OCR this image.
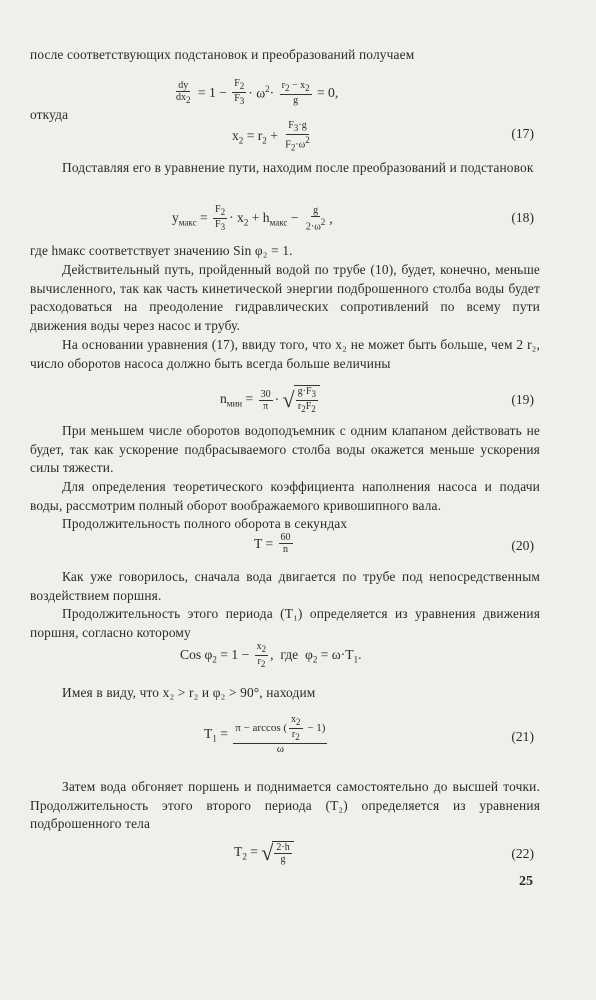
после соответствующих подстановок и преобразований получаем
$\frac{dy}{dx_2} = 1 - \frac{F_2}{F_3} \cdot \omega^2\cdot \frac{r_2 - x_2}{g} = 0$,
откуда
$x_2 = r_2 + \frac{F_3\cdot g}{F_2\cdot\omega^2}$	(17)
Подставляя его в уравнение пути, находим после преобразований и подстановок
$y_{макс} = \frac{F_2}{F_3} \cdot x_2 + h_{макс} - \frac{g}{2\cdot\omega^2}$ ,	(18)
где hмакс соответствует значению Sin φ₂ = 1.
Действительный путь, пройденный водой по трубе (10), будет, конечно, меньше вычисленного, так как часть кинетической энергии подброшенного столба воды будет расходоваться на преодоление гидравлических сопротивлений по всему пути движения воды через насос и трубу.
На основании уравнения (17), ввиду того, что x₂ не может быть больше, чем 2 r₂, число оборотов насоса должно быть всегда больше величины
$n_{мин} = \frac{30}{\pi}$ · √ $\frac{g\cdot F_3}{r_2F_2}$	(19)
При меньшем числе оборотов водоподъемник с одним клапаном действовать не будет, так как ускорение подбрасываемого столба воды окажется меньше ускорения силы тяжести.
Для определения теоретического коэффициента наполнения насоса и подачи воды, рассмотрим полный оборот воображаемого кривошипного вала.
Продолжительность полного оборота в секундах
$T = \frac{60}{n}$	(20)
Как уже говорилось, сначала вода двигается по трубе под непосредственным воздействием поршня.
Продолжительность этого периода (T₁) определяется из уравнения движения поршня, согласно которому
Cos $\varphi_2 = 1 - \frac{x_2}{r_2}$ ,  где  $\varphi_2 = \omega\cdot T_1$.
Имея в виду, что x₂ > r₂ и φ₂ > 90°, находим
$T_1 = \frac{\pi - \arccos ( \frac{x_2}{r_2} - 1)}{\omega}$	(21)
Затем вода обгоняет поршень и поднимается самостоятельно до высшей точки. Продолжительность этого второго периода (T₂) определяется из уравнения подброшенного тела
$T_2$ = √ $\frac{2\cdot h}{g}$	(22)
25
